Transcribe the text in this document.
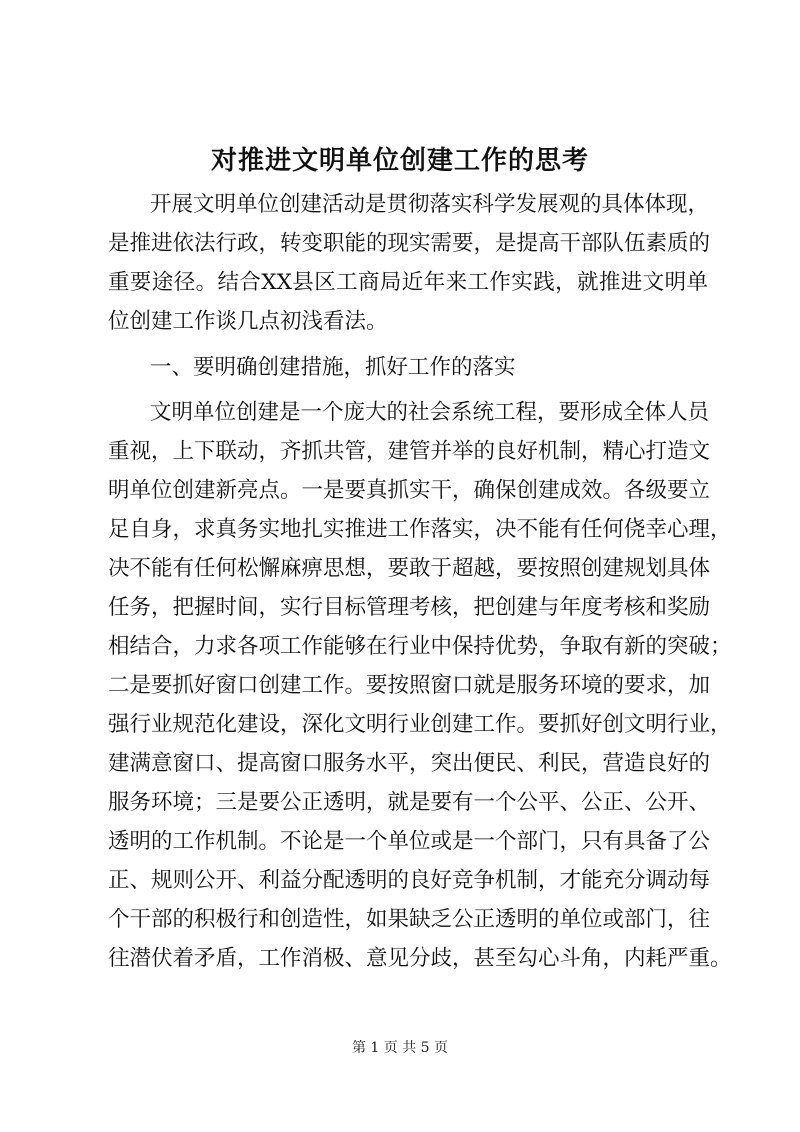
对推进文明单位创建工作的思考
开展文明单位创建活动是贯彻落实科学发展观的具体体现，
是推进依法行政，转变职能的现实需要，是提高干部队伍素质的
重要途径。结合XX县区工商局近年来工作实践，就推进文明单
位创建工作谈几点初浅看法。
一、要明确创建措施，抓好工作的落实
文明单位创建是一个庞大的社会系统工程，要形成全体人员
重视，上下联动，齐抓共管，建管并举的良好机制，精心打造文
明单位创建新亮点。一是要真抓实干，确保创建成效。各级要立
足自身，求真务实地扎实推进工作落实，决不能有任何侥幸心理，
决不能有任何松懈麻痹思想，要敢于超越，要按照创建规划具体
任务，把握时间，实行目标管理考核，把创建与年度考核和奖励
相结合，力求各项工作能够在行业中保持优势，争取有新的突破；
二是要抓好窗口创建工作。要按照窗口就是服务环境的要求，加
强行业规范化建设，深化文明行业创建工作。要抓好创文明行业，
建满意窗口、提高窗口服务水平，突出便民、利民，营造良好的
服务环境；三是要公正透明，就是要有一个公平、公正、公开、
透明的工作机制。不论是一个单位或是一个部门，只有具备了公
正、规则公开、利益分配透明的良好竞争机制，才能充分调动每
个干部的积极行和创造性，如果缺乏公正透明的单位或部门，往
往潜伏着矛盾，工作消极、意见分歧，甚至勾心斗角，内耗严重。
第 1 页 共 5 页
